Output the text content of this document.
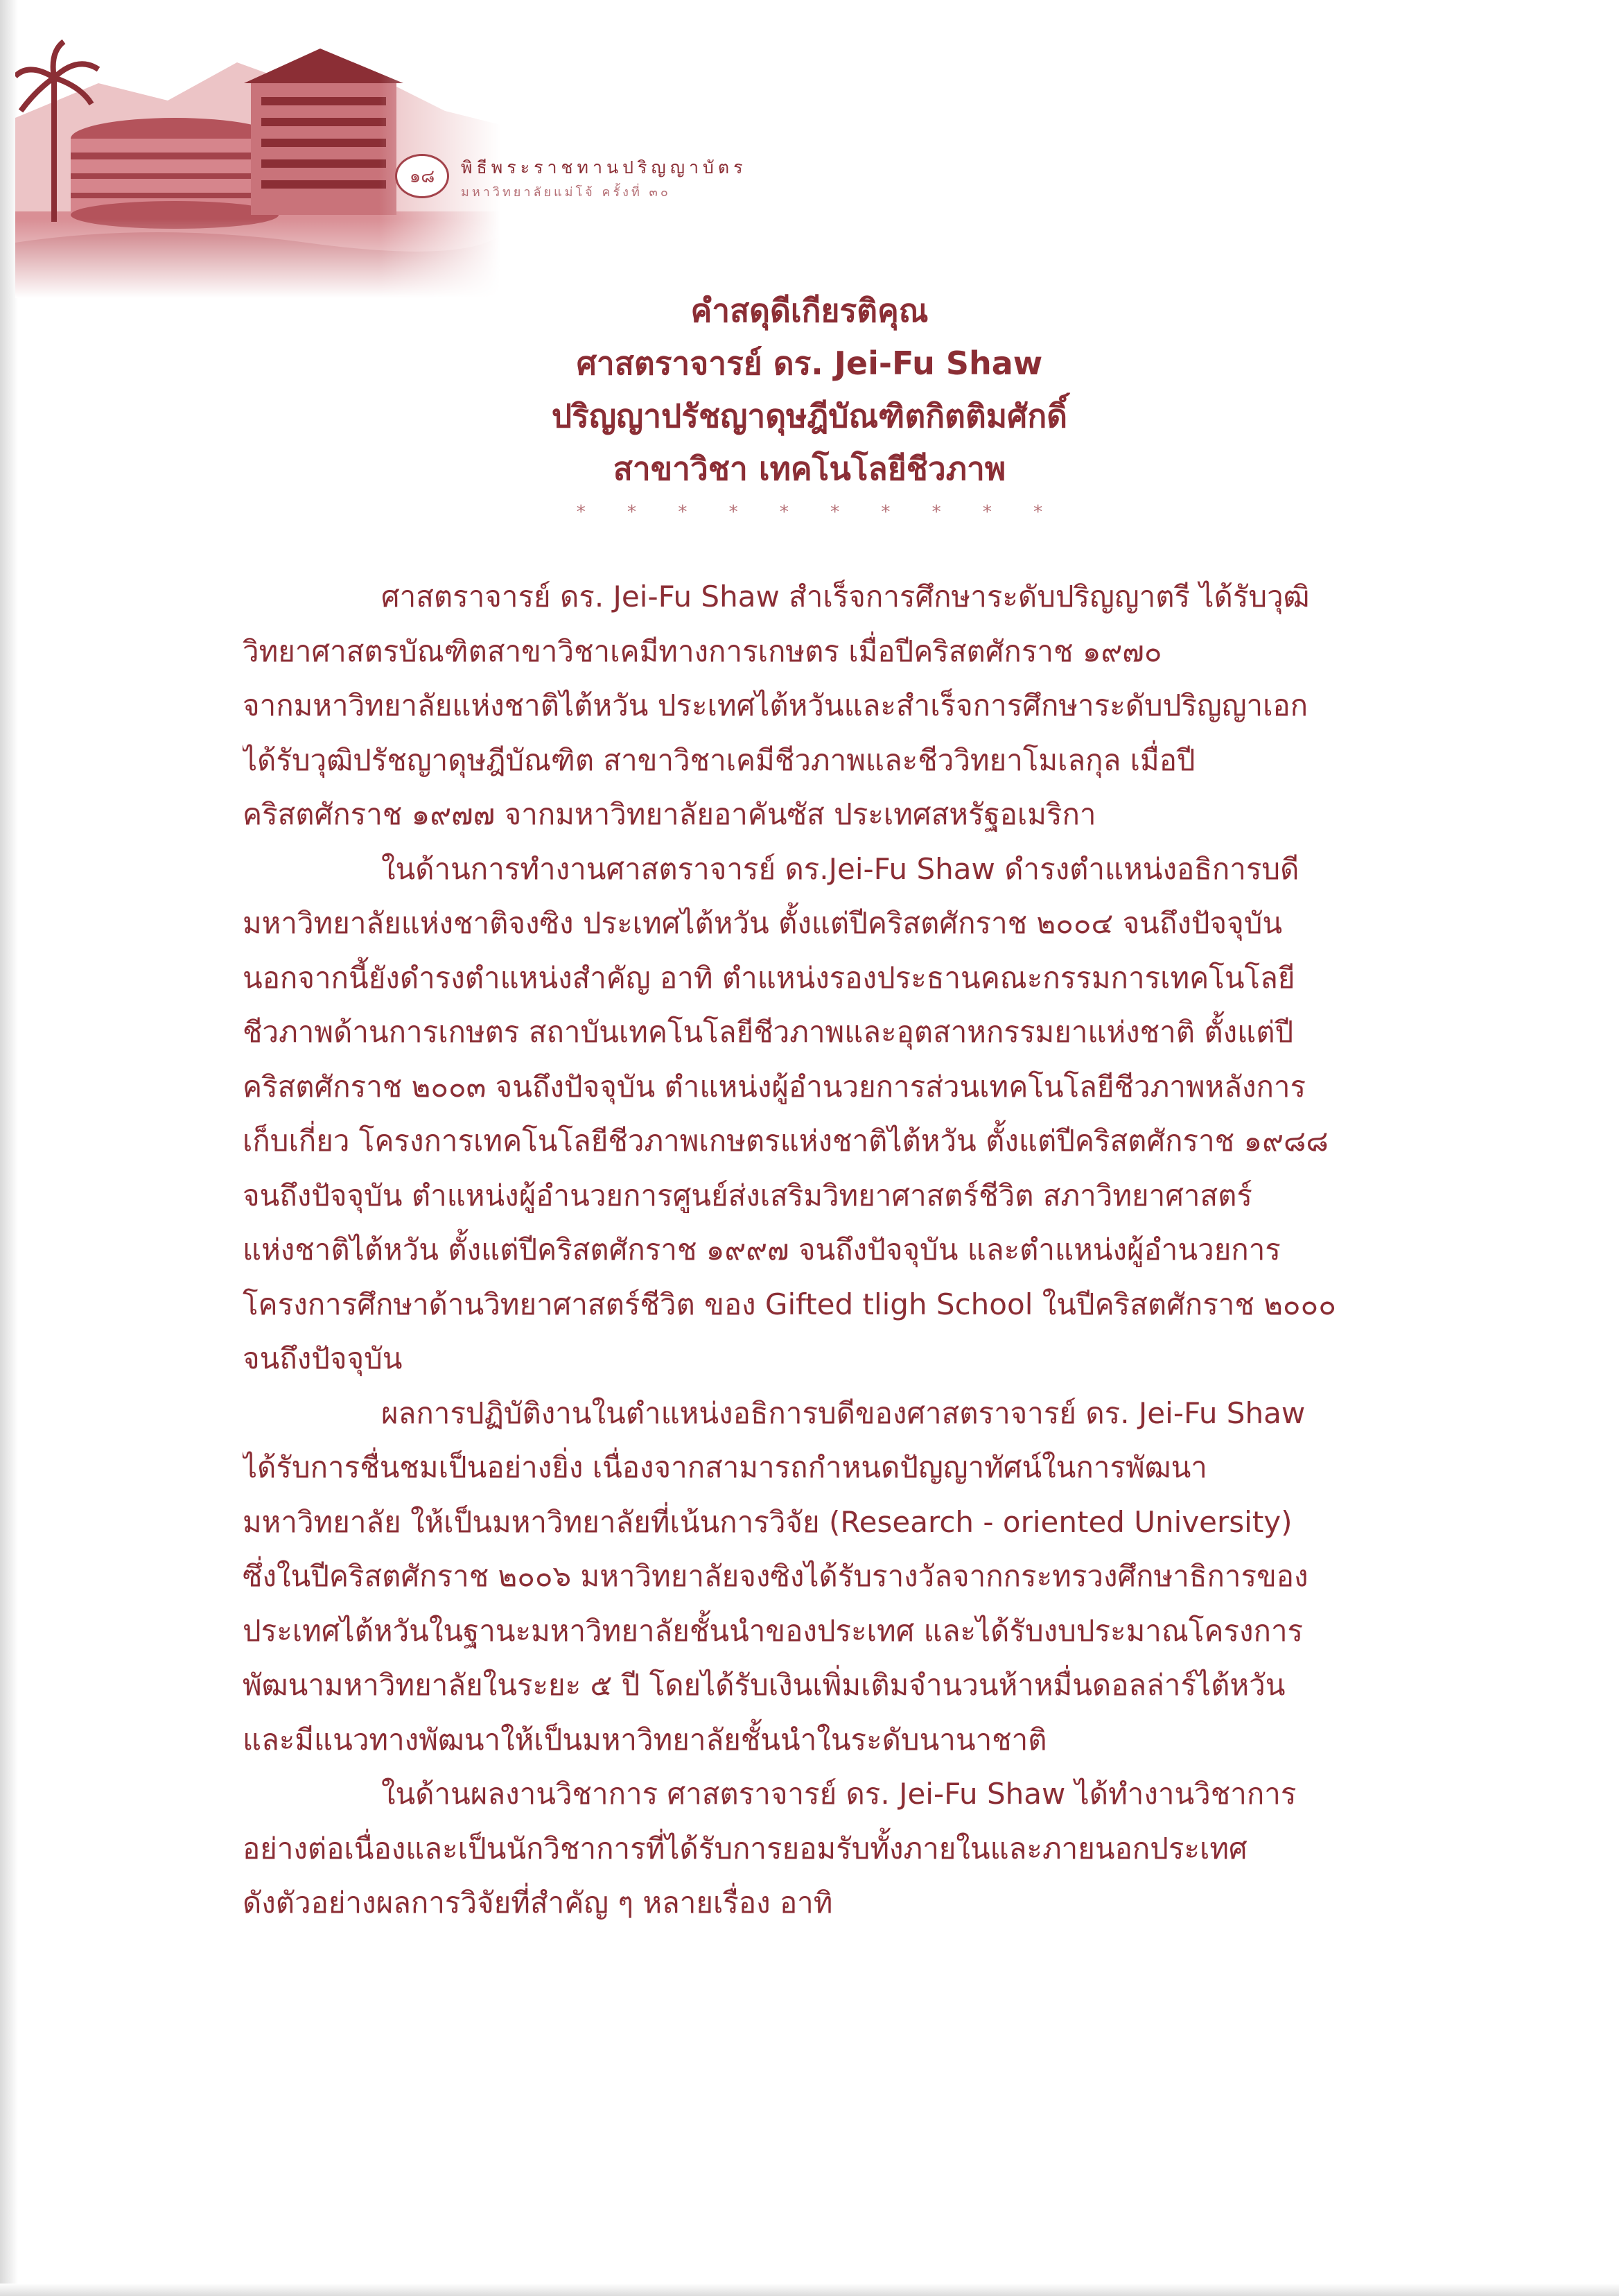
๑๘ พิธีพระราชทานปริญญาบัตร
มหาวิทยาลัยแม่โจ้ ครั้งที่ ๓๐
คำสดุดีเกียรติคุณ
ศาสตราจารย์ ดร. Jei-Fu Shaw
ปริญญาปรัชญาดุษฎีบัณฑิตกิตติมศักดิ์
สาขาวิชา เทคโนโลยีชีวภาพ
* * * * * * * * * *

ศาสตราจารย์ ดร. Jei-Fu Shaw สำเร็จการศึกษาระดับปริญญาตรี ได้รับวุฒิ
วิทยาศาสตรบัณฑิตสาขาวิชาเคมีทางการเกษตร เมื่อปีคริสตศักราช ๑๙๗๐
จากมหาวิทยาลัยแห่งชาติไต้หวัน ประเทศไต้หวันและสำเร็จการศึกษาระดับปริญญาเอก
ได้รับวุฒิปรัชญาดุษฎีบัณฑิต สาขาวิชาเคมีชีวภาพและชีววิทยาโมเลกุล เมื่อปี
คริสตศักราช ๑๙๗๗ จากมหาวิทยาลัยอาคันซัส ประเทศสหรัฐอเมริกา

ในด้านการทำงานศาสตราจารย์ ดร.Jei-Fu Shaw ดำรงตำแหน่งอธิการบดี
มหาวิทยาลัยแห่งชาติจงซิง ประเทศไต้หวัน ตั้งแต่ปีคริสตศักราช ๒๐๐๔ จนถึงปัจจุบัน
นอกจากนี้ยังดำรงตำแหน่งสำคัญ อาทิ ตำแหน่งรองประธานคณะกรรมการเทคโนโลยี
ชีวภาพด้านการเกษตร สถาบันเทคโนโลยีชีวภาพและอุตสาหกรรมยาแห่งชาติ ตั้งแต่ปี
คริสตศักราช ๒๐๐๓ จนถึงปัจจุบัน ตำแหน่งผู้อำนวยการส่วนเทคโนโลยีชีวภาพหลังการ
เก็บเกี่ยว โครงการเทคโนโลยีชีวภาพเกษตรแห่งชาติไต้หวัน ตั้งแต่ปีคริสตศักราช ๑๙๘๘
จนถึงปัจจุบัน ตำแหน่งผู้อำนวยการศูนย์ส่งเสริมวิทยาศาสตร์ชีวิต สภาวิทยาศาสตร์
แห่งชาติไต้หวัน ตั้งแต่ปีคริสตศักราช ๑๙๙๗ จนถึงปัจจุบัน และตำแหน่งผู้อำนวยการ
โครงการศึกษาด้านวิทยาศาสตร์ชีวิต ของ Gifted tligh School ในปีคริสตศักราช ๒๐๐๐
จนถึงปัจจุบัน

ผลการปฏิบัติงานในตำแหน่งอธิการบดีของศาสตราจารย์ ดร. Jei-Fu Shaw
ได้รับการชื่นชมเป็นอย่างยิ่ง เนื่องจากสามารถกำหนดปัญญาทัศน์ในการพัฒนา
มหาวิทยาลัย ให้เป็นมหาวิทยาลัยที่เน้นการวิจัย (Research - oriented University)
ซึ่งในปีคริสตศักราช ๒๐๐๖ มหาวิทยาลัยจงซิงได้รับรางวัลจากกระทรวงศึกษาธิการของ
ประเทศไต้หวันในฐานะมหาวิทยาลัยชั้นนำของประเทศ และได้รับงบประมาณโครงการ
พัฒนามหาวิทยาลัยในระยะ ๕ ปี โดยได้รับเงินเพิ่มเติมจำนวนห้าหมื่นดอลล่าร์ไต้หวัน
และมีแนวทางพัฒนาให้เป็นมหาวิทยาลัยชั้นนำในระดับนานาชาติ

ในด้านผลงานวิชาการ ศาสตราจารย์ ดร. Jei-Fu Shaw ได้ทำงานวิชาการ
อย่างต่อเนื่องและเป็นนักวิชาการที่ได้รับการยอมรับทั้งภายในและภายนอกประเทศ
ดังตัวอย่างผลการวิจัยที่สำคัญ ๆ หลายเรื่อง อาทิ
